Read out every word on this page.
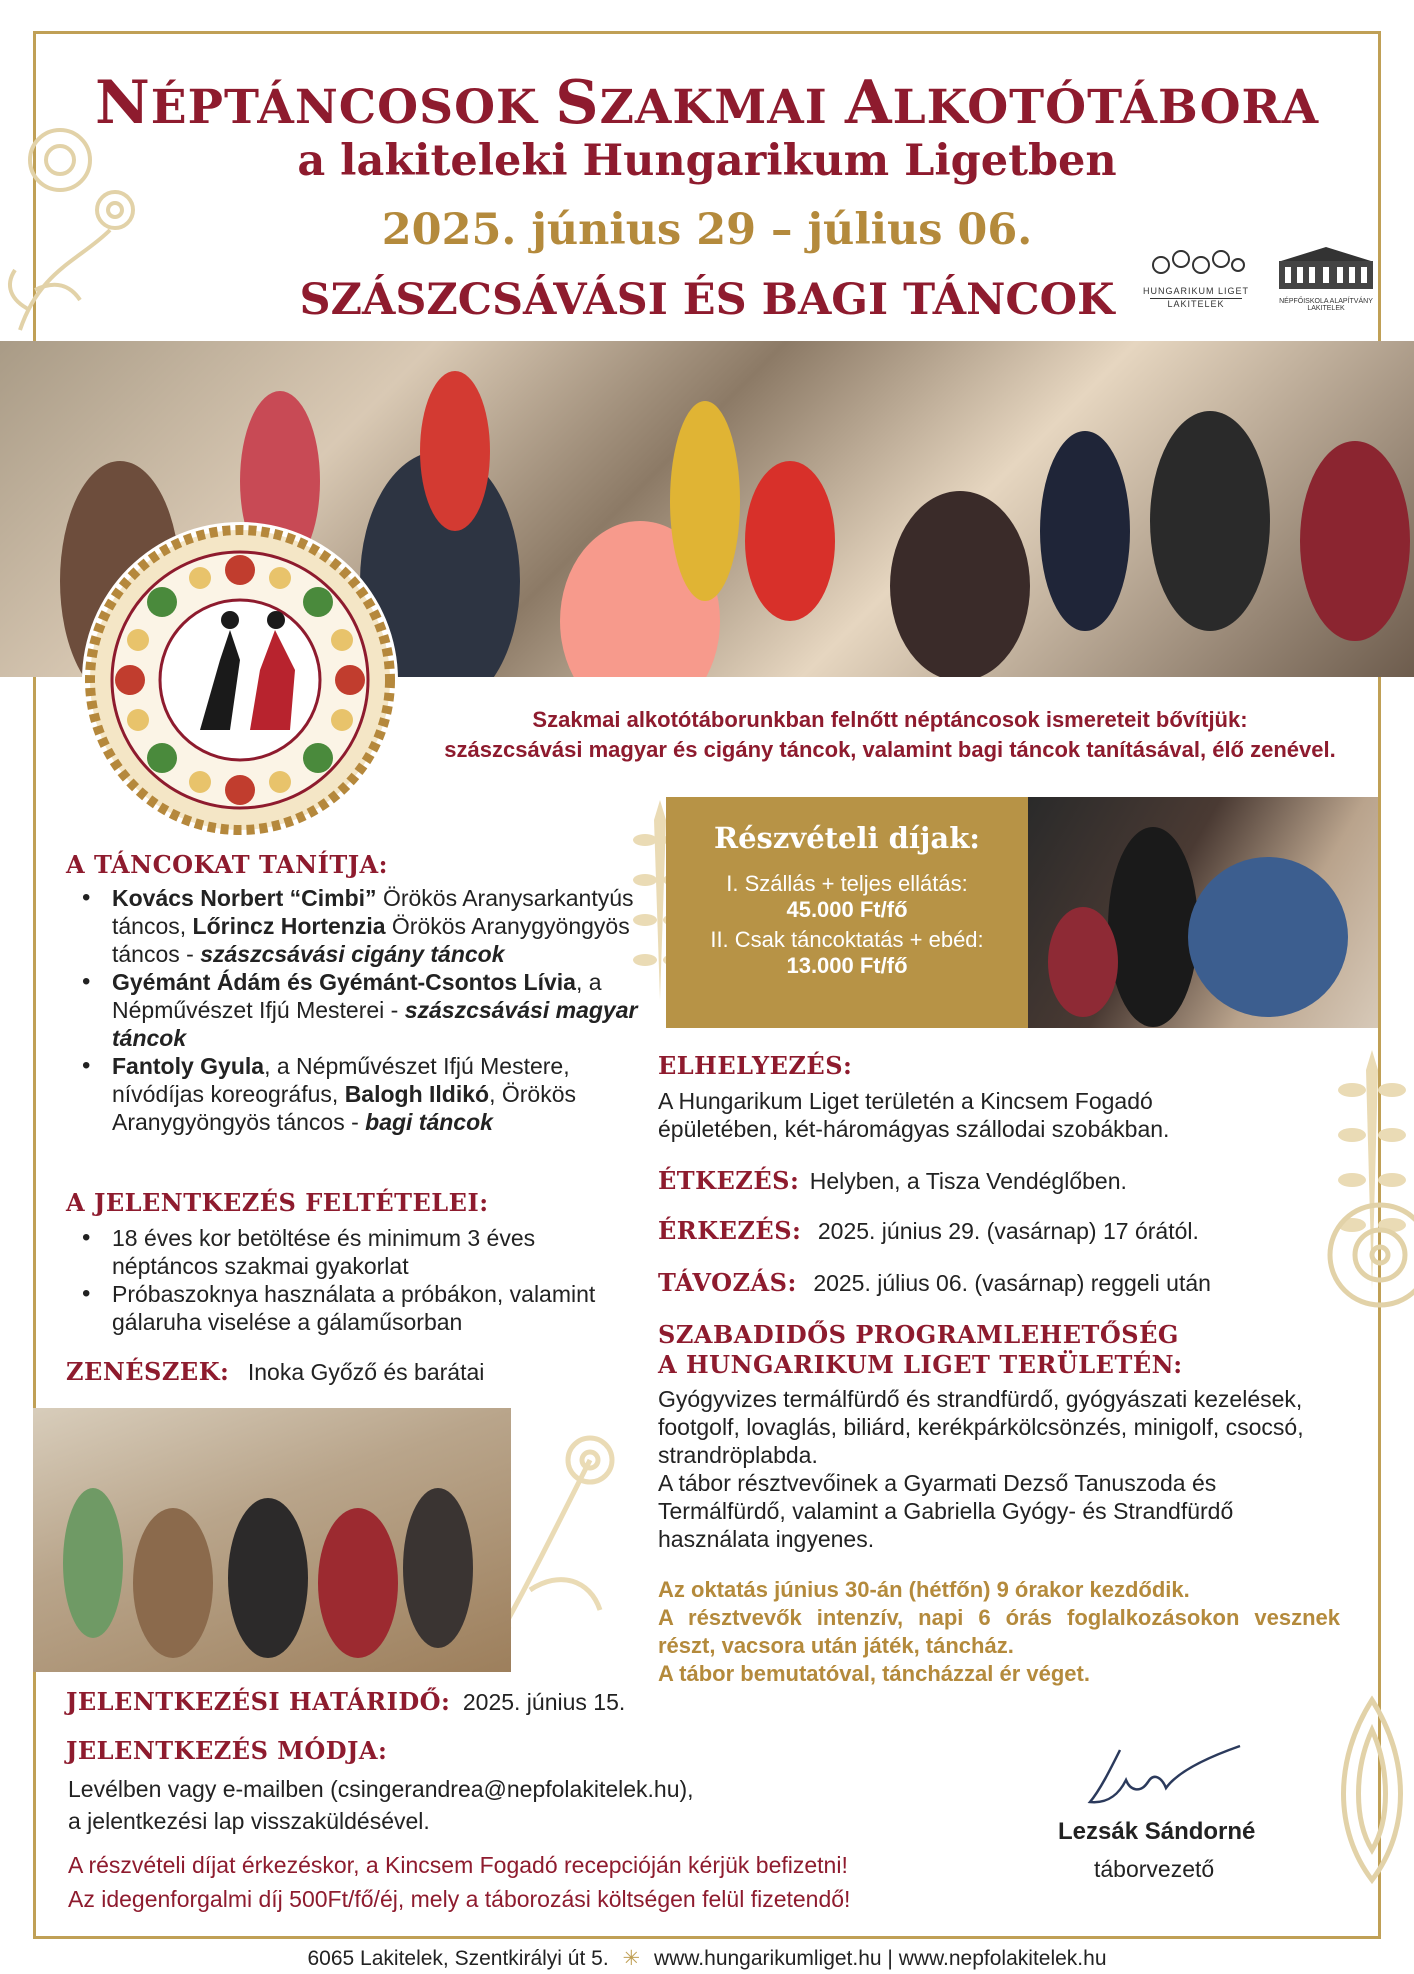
NÉPTÁNCOSOK SZAKMAI ALKOTÓTÁBORA
a lakiteleki Hungarikum Ligetben
2025. június 29 – július 06.
SZÁSZCSÁVÁSI ÉS BAGI TÁNCOK	HUNGARIKUM LIGET
LAKITELEK	NÉPFŐISKOLA ALAPÍTVÁNY
LAKITELEK
Szakmai alkotótáborunkban felnőtt néptáncosok ismereteit bővítjük:
szászcsávási magyar és cigány táncok, valamint bagi táncok tanításával, élő zenével.
A TÁNCOKAT TANÍTJA:
• Kovács Norbert “Cimbi” Örökös Aranysarkantyús táncos, Lőrincz Hortenzia Örökös Aranygyöngyös táncos - szászcsávási cigány táncok
• Gyémánt Ádám és Gyémánt-Csontos Lívia, a Népművészet Ifjú Mesterei - szászcsávási magyar táncok
• Fantoly Gyula, a Népművészet Ifjú Mestere, nívódíjas koreográfus, Balogh Ildikó, Örökös Aranygyöngyös táncos - bagi táncok
A JELENTKEZÉS FELTÉTELEI:
• 18 éves kor betöltése és minimum 3 éves néptáncos szakmai gyakorlat
• Próbaszoknya használata a próbákon, valamint gálaruha viselése a gálaműsorban
ZENÉSZEK: Inoka Győző és barátai
JELENTKEZÉSI HATÁRIDŐ: 2025. június 15.
JELENTKEZÉS MÓDJA:
Levélben vagy e-mailben (csingerandrea@nepfolakitelek.hu),
a jelentkezési lap visszaküldésével.
A részvételi díjat érkezéskor, a Kincsem Fogadó recepcióján kérjük befizetni!
Az idegenforgalmi díj 500Ft/fő/éj, mely a táborozási költségen felül fizetendő!
Részvételi díjak:
I. Szállás + teljes ellátás:
45.000 Ft/fő
II. Csak táncoktatás + ebéd:
13.000 Ft/fő
ELHELYEZÉS:
A Hungarikum Liget területén a Kincsem Fogadó épületében, két-háromágyas szállodai szobákban.
ÉTKEZÉS: Helyben, a Tisza Vendéglőben.
ÉRKEZÉS: 2025. június 29. (vasárnap) 17 órától.
TÁVOZÁS: 2025. július 06. (vasárnap) reggeli után
SZABADIDŐS PROGRAMLEHETŐSÉG
A HUNGARIKUM LIGET TERÜLETÉN:
Gyógyvizes termálfürdő és strandfürdő, gyógyászati kezelések, footgolf, lovaglás, biliárd, kerékpárkölcsönzés, minigolf, csocsó, strandröplabda.
A tábor résztvevőinek a Gyarmati Dezső Tanuszoda és Termálfürdő, valamint a Gabriella Gyógy- és Strandfürdő használata ingyenes.
Az oktatás június 30-án (hétfőn) 9 órakor kezdődik.
A résztvevők intenzív, napi 6 órás foglalkozásokon vesznek részt, vacsora után játék, táncház.
A tábor bemutatóval, táncházzal ér véget.
Lezsák Sándorné
táborvezető
6065 Lakitelek, Szentkirályi út 5. ✳ www.hungarikumliget.hu | www.nepfolakitelek.hu
